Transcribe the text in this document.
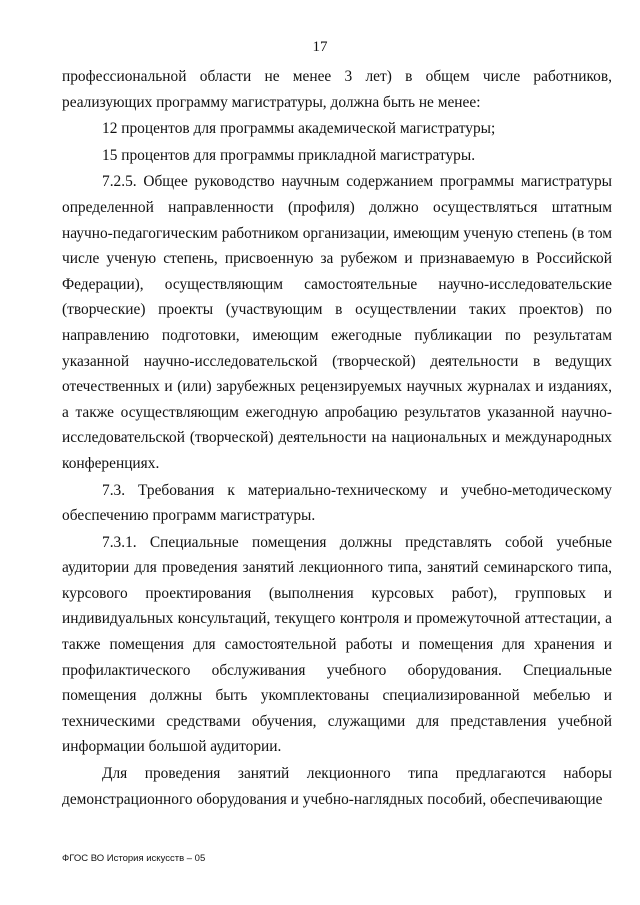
17

профессиональной области не менее 3 лет) в общем числе работников, реализующих программу магистратуры, должна быть не менее:

12 процентов для программы академической магистратуры;

15 процентов для программы прикладной магистратуры.

7.2.5. Общее руководство научным содержанием программы магистратуры определенной направленности (профиля) должно осуществляться штатным научно-педагогическим работником организации, имеющим ученую степень (в том числе ученую степень, присвоенную за рубежом и признаваемую в Российской Федерации), осуществляющим самостоятельные научно-исследовательские (творческие) проекты (участвующим в осуществлении таких проектов) по направлению подготовки, имеющим ежегодные публикации по результатам указанной научно-исследовательской (творческой) деятельности в ведущих отечественных и (или) зарубежных рецензируемых научных журналах и изданиях, а также осуществляющим ежегодную апробацию результатов указанной научно-исследовательской (творческой) деятельности на национальных и международных конференциях.

7.3. Требования к материально-техническому и учебно-методическому обеспечению программ магистратуры.

7.3.1. Специальные помещения должны представлять собой учебные аудитории для проведения занятий лекционного типа, занятий семинарского типа, курсового проектирования (выполнения курсовых работ), групповых и индивидуальных консультаций, текущего контроля и промежуточной аттестации, а также помещения для самостоятельной работы и помещения для хранения и профилактического обслуживания учебного оборудования. Специальные помещения должны быть укомплектованы специализированной мебелью и техническими средствами обучения, служащими для представления учебной информации большой аудитории.

Для проведения занятий лекционного типа предлагаются наборы демонстрационного оборудования и учебно-наглядных пособий, обеспечивающие

ФГОС ВО История искусств – 05
